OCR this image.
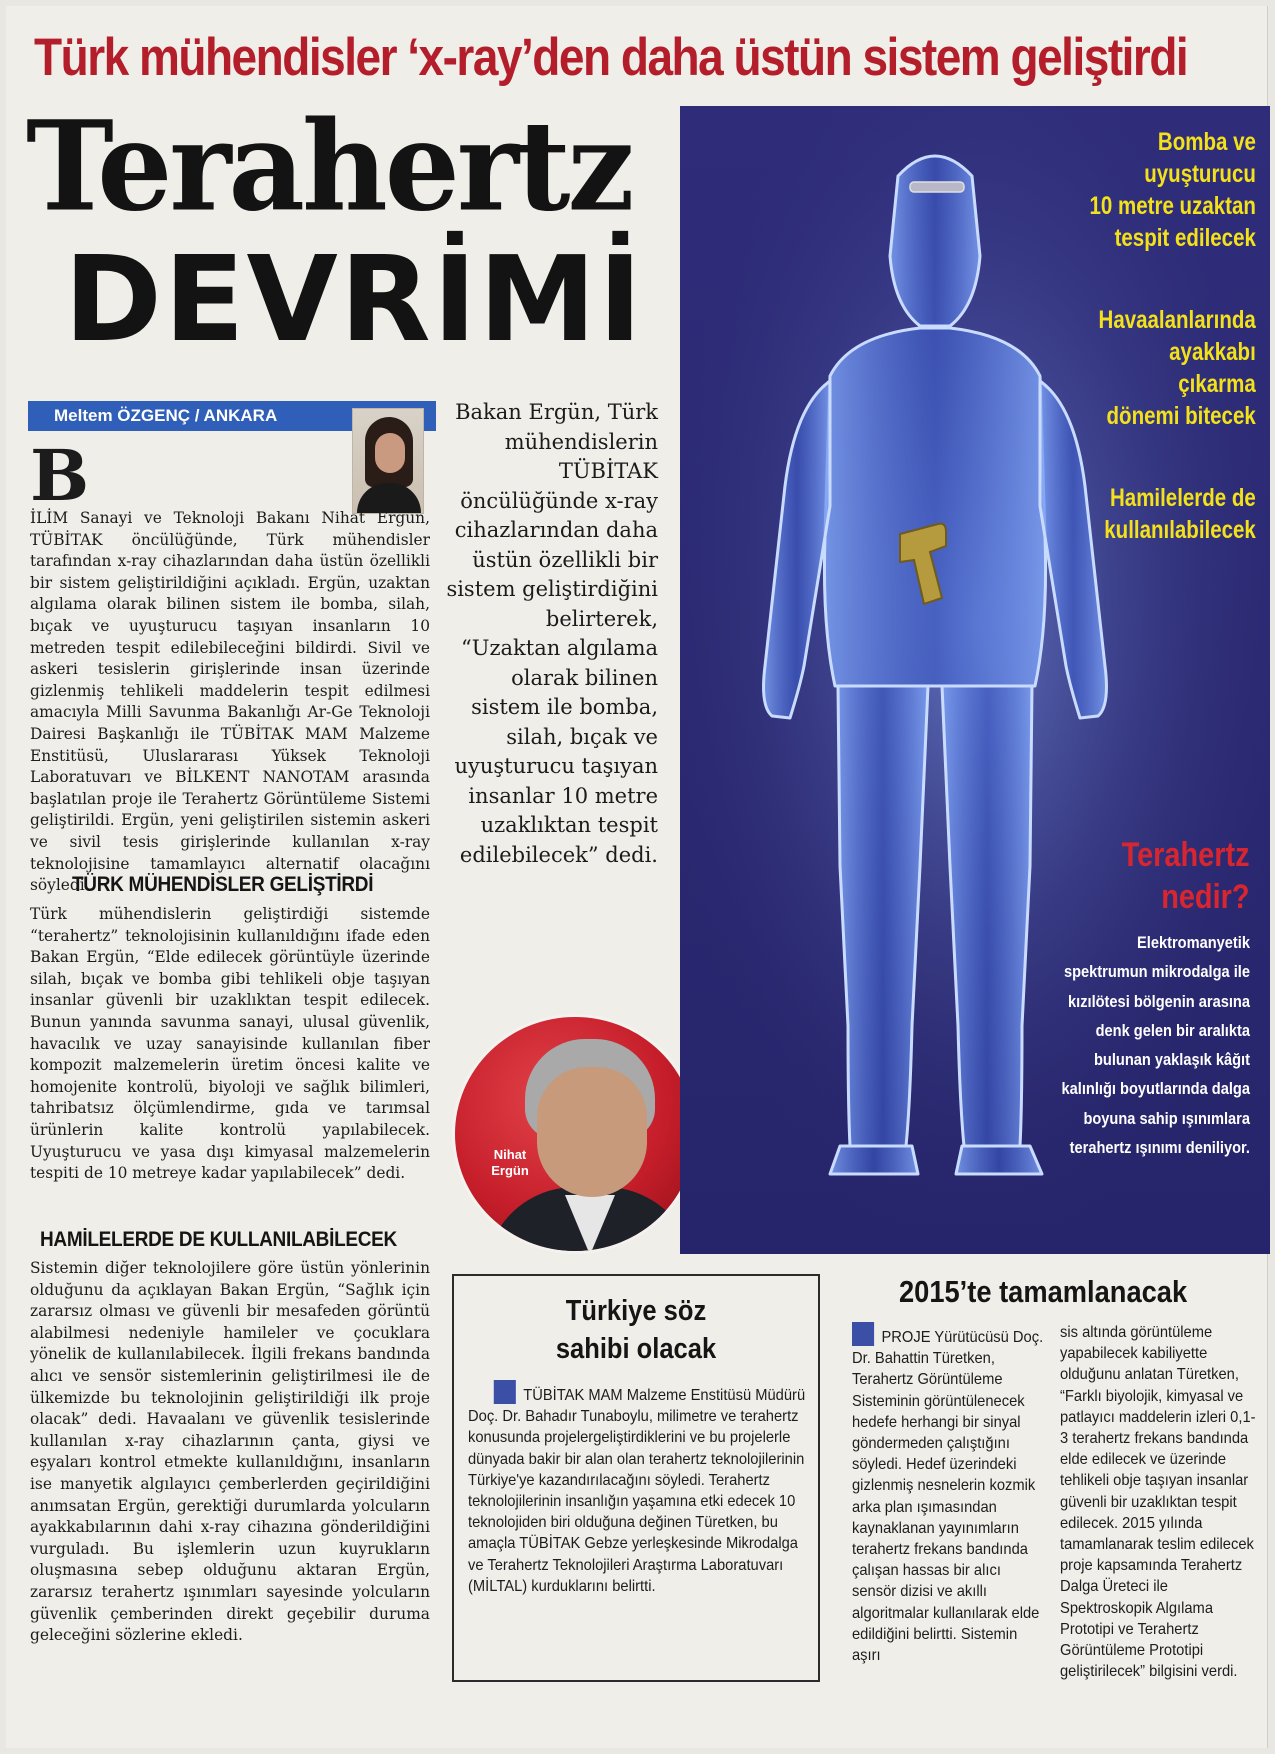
Türk mühendisler ‘x-ray’den daha üstün sistem geliştirdi
Terahertz
DEVRİMİ
Meltem ÖZGENÇ / ANKARA
B
İLİM Sanayi ve Teknoloji Bakanı Nihat Ergün, TÜBİTAK öncülüğünde, Türk mühendisler tarafından x-ray cihazlarından daha üstün özellikli bir sistem geliştirildiğini açıkladı. Ergün, uzaktan algılama olarak bilinen sistem ile bomba, silah, bıçak ve uyuşturucu taşıyan insanların 10 metreden tespit edilebileceğini bildirdi. Sivil ve askeri tesislerin girişlerinde insan üzerinde gizlenmiş tehlikeli maddelerin tespit edilmesi amacıyla Milli Savunma Bakanlığı Ar-Ge Teknoloji Dairesi Başkanlığı ile TÜBİTAK MAM Malzeme Enstitüsü, Uluslararası Yüksek Teknoloji Laboratuvarı ve BİLKENT NANOTAM arasında başlatılan proje ile Terahertz Görüntüleme Sistemi geliştirildi. Ergün, yeni geliştirilen sistemin askeri ve sivil tesis girişlerinde kullanılan x-ray teknolojisine tamamlayıcı alternatif olacağını söyledi.
TÜRK MÜHENDİSLER GELİŞTİRDİ
Türk mühendislerin geliştirdiği sistemde “terahertz” teknolojisinin kullanıldığını ifade eden Bakan Ergün, “Elde edilecek görüntüyle üzerinde silah, bıçak ve bomba gibi tehlikeli obje taşıyan insanlar güvenli bir uzaklıktan tespit edilecek. Bunun yanında savunma sanayi, ulusal güvenlik, havacılık ve uzay sanayisinde kullanılan fiber kompozit malzemelerin üretim öncesi kalite ve homojenite kontrolü, biyoloji ve sağlık bilimleri, tahribatsız ölçümlendirme, gıda ve tarımsal ürünlerin kalite kontrolü yapılabilecek. Uyuşturucu ve yasa dışı kimyasal malzemelerin tespiti de 10 metreye kadar yapılabilecek” dedi.
HAMİLELERDE DE KULLANILABİLECEK
Sistemin diğer teknolojilere göre üstün yönlerinin olduğunu da açıklayan Bakan Ergün, “Sağlık için zararsız olması ve güvenli bir mesafeden görüntü alabilmesi nedeniyle hamileler ve çocuklara yönelik de kullanılabilecek. İlgili frekans bandında alıcı ve sensör sistemlerinin geliştirilmesi ile de ülkemizde bu teknolojinin geliştirildiği ilk proje olacak” dedi. Havaalanı ve güvenlik tesislerinde kullanılan x-ray cihazlarının çanta, giysi ve eşyaları kontrol etmekte kullanıldığını, insanların ise manyetik algılayıcı çemberlerden geçirildiğini anımsatan Ergün, gerektiği durumlarda yolcuların ayakkabılarının dahi x-ray cihazına gönderildiğini vurguladı. Bu işlemlerin uzun kuyrukların oluşmasına sebep olduğunu aktaran Ergün, zararsız terahertz ışınımları sayesinde yolcuların güvenlik çemberinden direkt geçebilir duruma geleceğini sözlerine ekledi.
Bakan Ergün, Türk mühendislerin TÜBİTAK öncülüğünde x-ray cihazlarından daha üstün özellikli bir sistem geliştirdiğini belirterek, “Uzaktan algılama olarak bilinen sistem ile bomba, silah, bıçak ve uyuşturucu taşıyan insanlar 10 metre uzaklıktan tespit edilebilecek” dedi.
Nihat
Ergün
Bomba ve
uyuşturucu
10 metre uzaktan
tespit edilecek
Havaalanlarında
ayakkabı
çıkarma
dönemi bitecek
Hamilelerde de
kullanılabilecek
Terahertz
nedir?
Elektromanyetik spektrumun mikrodalga ile kızılötesi bölgenin arasına denk gelen bir aralıkta bulunan yaklaşık kâğıt kalınlığı boyutlarında dalga boyuna sahip ışınımlara terahertz ışınımı deniliyor.
Türkiye söz
sahibi olacak
TÜBİTAK MAM Malzeme Enstitüsü Müdürü Doç. Dr. Bahadır Tunaboylu, milimetre ve terahertz konusunda projelergeliştirdiklerini ve bu projelerle dünyada bakir bir alan olan terahertz teknolojilerinin Türkiye'ye kazandırılacağını söyledi. Terahertz teknolojilerinin insanlığın yaşamına etki edecek 10 teknolojiden biri olduğuna değinen Türetken, bu amaçla TÜBİTAK Gebze yerleşkesinde Mikrodalga ve Terahertz Teknolojileri Araştırma Laboratuvarı (MİLTAL) kurduklarını belirtti.
2015’te tamamlanacak
PROJE Yürütücüsü Doç. Dr. Bahattin Türetken, Terahertz Görüntüleme Sisteminin görüntülenecek hedefe herhangi bir sinyal göndermeden çalıştığını söyledi. Hedef üzerindeki gizlenmiş nesnelerin kozmik arka plan ışımasından kaynaklanan yayınımların terahertz frekans bandında çalışan hassas bir alıcı sensör dizisi ve akıllı algoritmalar kullanılarak elde edildiğini belirtti. Sistemin aşırı
sis altında görüntüleme yapabilecek kabiliyette olduğunu anlatan Türetken, “Farklı biyolojik, kimyasal ve patlayıcı maddelerin izleri 0,1-3 terahertz frekans bandında elde edilecek ve üzerinde tehlikeli obje taşıyan insanlar güvenli bir uzaklıktan tespit edilecek. 2015 yılında tamamlanarak teslim edilecek proje kapsamında Terahertz Dalga Üreteci ile Spektroskopik Algılama Prototipi ve Terahertz Görüntüleme Prototipi geliştirilecek” bilgisini verdi.
